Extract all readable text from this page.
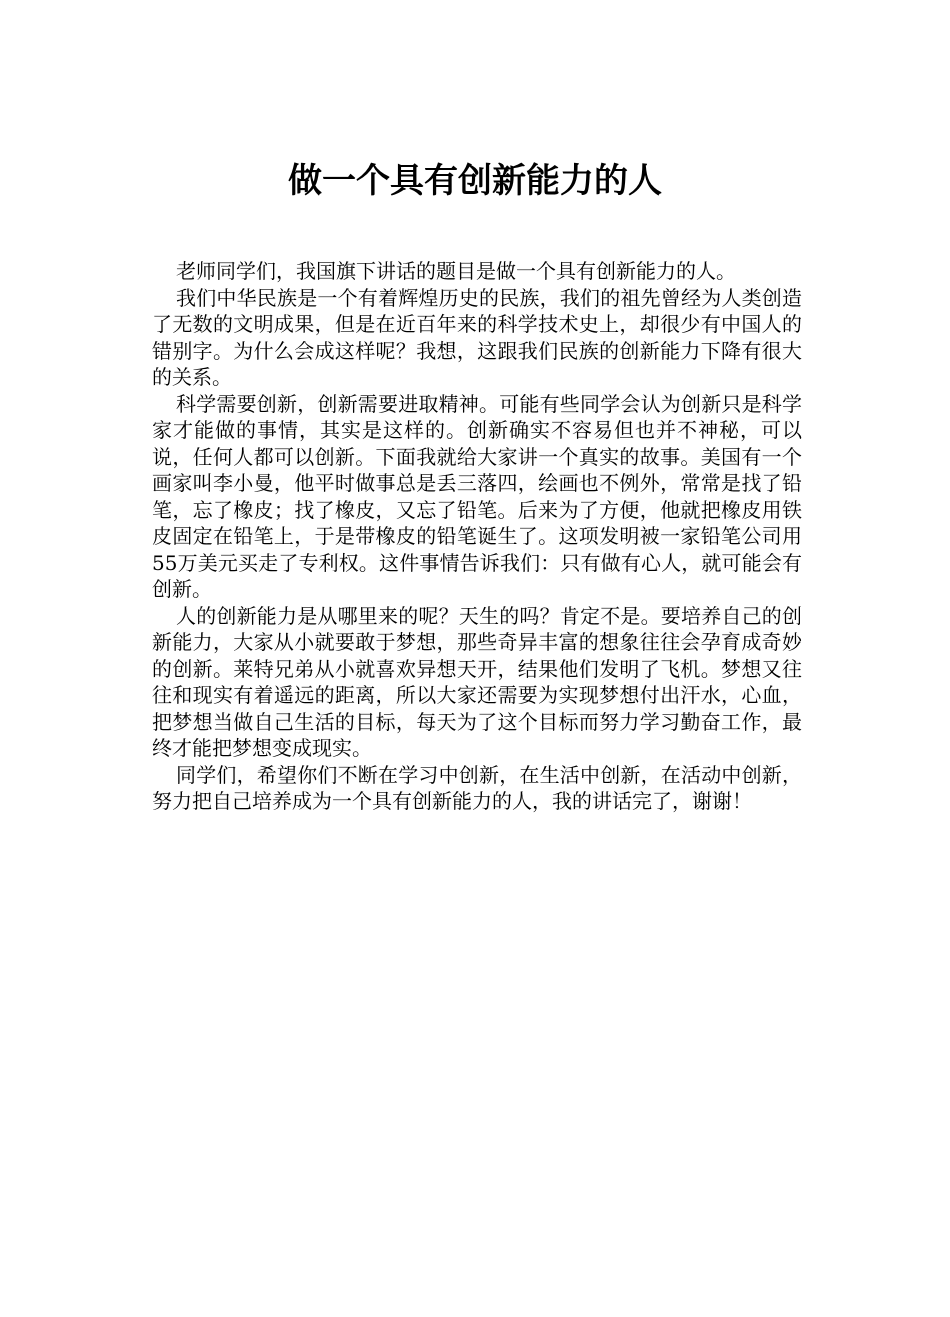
做一个具有创新能力的人

老师同学们，我国旗下讲话的题目是做一个具有创新能力的人。

我们中华民族是一个有着辉煌历史的民族，我们的祖先曾经为人类创造了无数的文明成果，但是在近百年来的科学技术史上，却很少有中国人的错别字。为什么会成这样呢？我想，这跟我们民族的创新能力下降有很大的关系。

科学需要创新，创新需要进取精神。可能有些同学会认为创新只是科学家才能做的事情，其实是这样的。创新确实不容易但也并不神秘，可以说，任何人都可以创新。下面我就给大家讲一个真实的故事。美国有一个画家叫李小曼，他平时做事总是丢三落四，绘画也不例外，常常是找了铅笔，忘了橡皮；找了橡皮，又忘了铅笔。后来为了方便，他就把橡皮用铁皮固定在铅笔上，于是带橡皮的铅笔诞生了。这项发明被一家铅笔公司用55万美元买走了专利权。这件事情告诉我们：只有做有心人，就可能会有创新。

人的创新能力是从哪里来的呢？天生的吗？肯定不是。要培养自己的创新能力，大家从小就要敢于梦想，那些奇异丰富的想象往往会孕育成奇妙的创新。莱特兄弟从小就喜欢异想天开，结果他们发明了飞机。梦想又往往和现实有着遥远的距离，所以大家还需要为实现梦想付出汗水，心血，把梦想当做自己生活的目标，每天为了这个目标而努力学习勤奋工作，最终才能把梦想变成现实。

同学们，希望你们不断在学习中创新，在生活中创新，在活动中创新，努力把自己培养成为一个具有创新能力的人，我的讲话完了，谢谢！
